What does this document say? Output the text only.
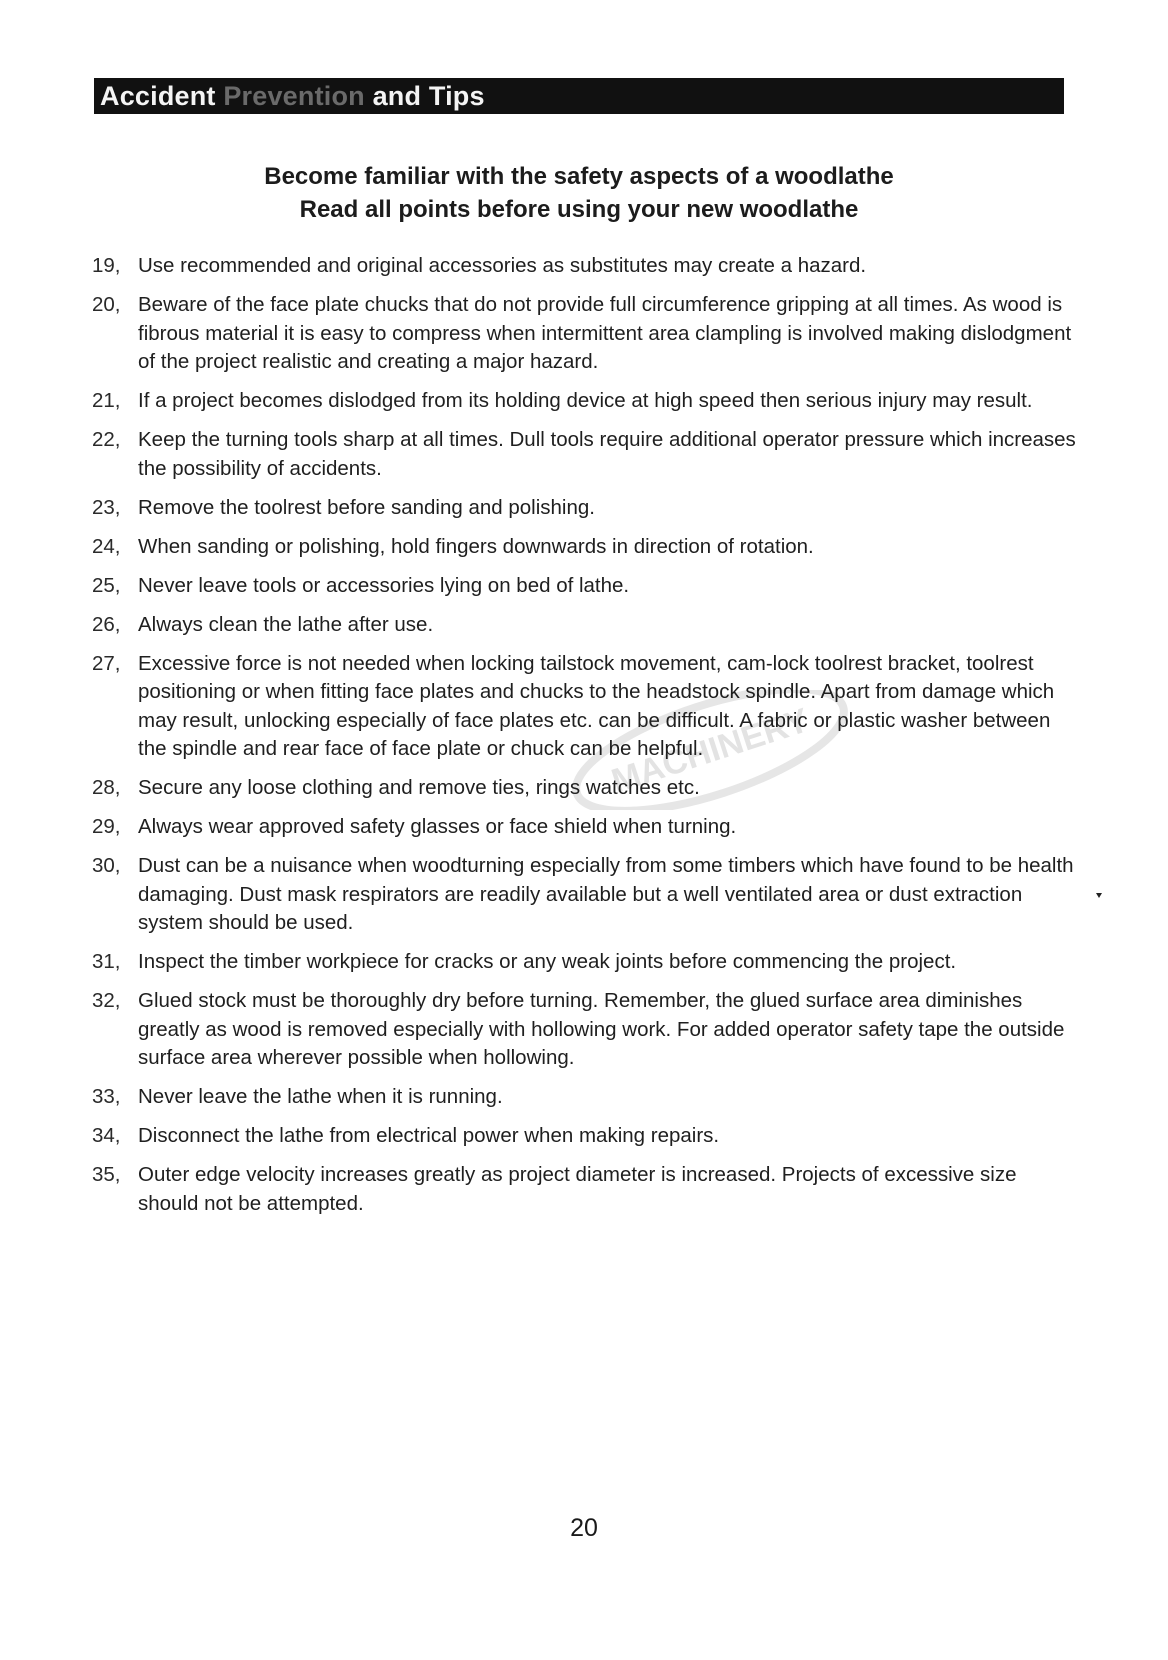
Accident Prevention and Tips
Become familiar with the safety aspects of a woodlathe
Read all points before using your new woodlathe
MACHINERY
19, Use recommended and original accessories as substitutes may create a hazard.
20, Beware of the face plate chucks that do not provide full circumference gripping at all times. As wood is fibrous material it is easy to compress when intermittent area clampling is involved making dislodgment of the project realistic and creating a major hazard.
21, If a project becomes dislodged from its holding device at high speed then serious injury may result.
22, Keep the turning tools sharp at all times. Dull tools require additional operator pressure which increases the possibility of accidents.
23, Remove the toolrest before sanding and polishing.
24, When sanding or polishing, hold fingers downwards in direction of rotation.
25, Never leave tools or accessories lying on bed of lathe.
26, Always clean the lathe after use.
27, Excessive force is not needed when locking tailstock movement, cam-lock toolrest bracket, toolrest positioning or when fitting face plates and chucks to the headstock spindle. Apart from damage which may result, unlocking especially of face plates etc. can be difficult. A fabric or plastic washer between the spindle and rear face of face plate or chuck can be helpful.
28, Secure any loose clothing and remove ties, rings watches etc.
29, Always wear approved safety glasses or face shield when turning.
30, Dust can be a nuisance when woodturning especially from some timbers which have found to be health damaging. Dust mask respirators are readily available but a well ventilated area or dust extraction system should be used.
31, Inspect the timber workpiece for cracks or any weak joints before commencing the project.
32, Glued stock must be thoroughly dry before turning. Remember, the glued surface area diminishes greatly as wood is removed especially with hollowing work. For added operator safety tape the outside surface area wherever possible when hollowing.
33, Never leave the lathe when it is running.
34, Disconnect the lathe from electrical power when making repairs.
35, Outer edge velocity increases greatly as project diameter is increased. Projects of excessive size should not be attempted.
20
